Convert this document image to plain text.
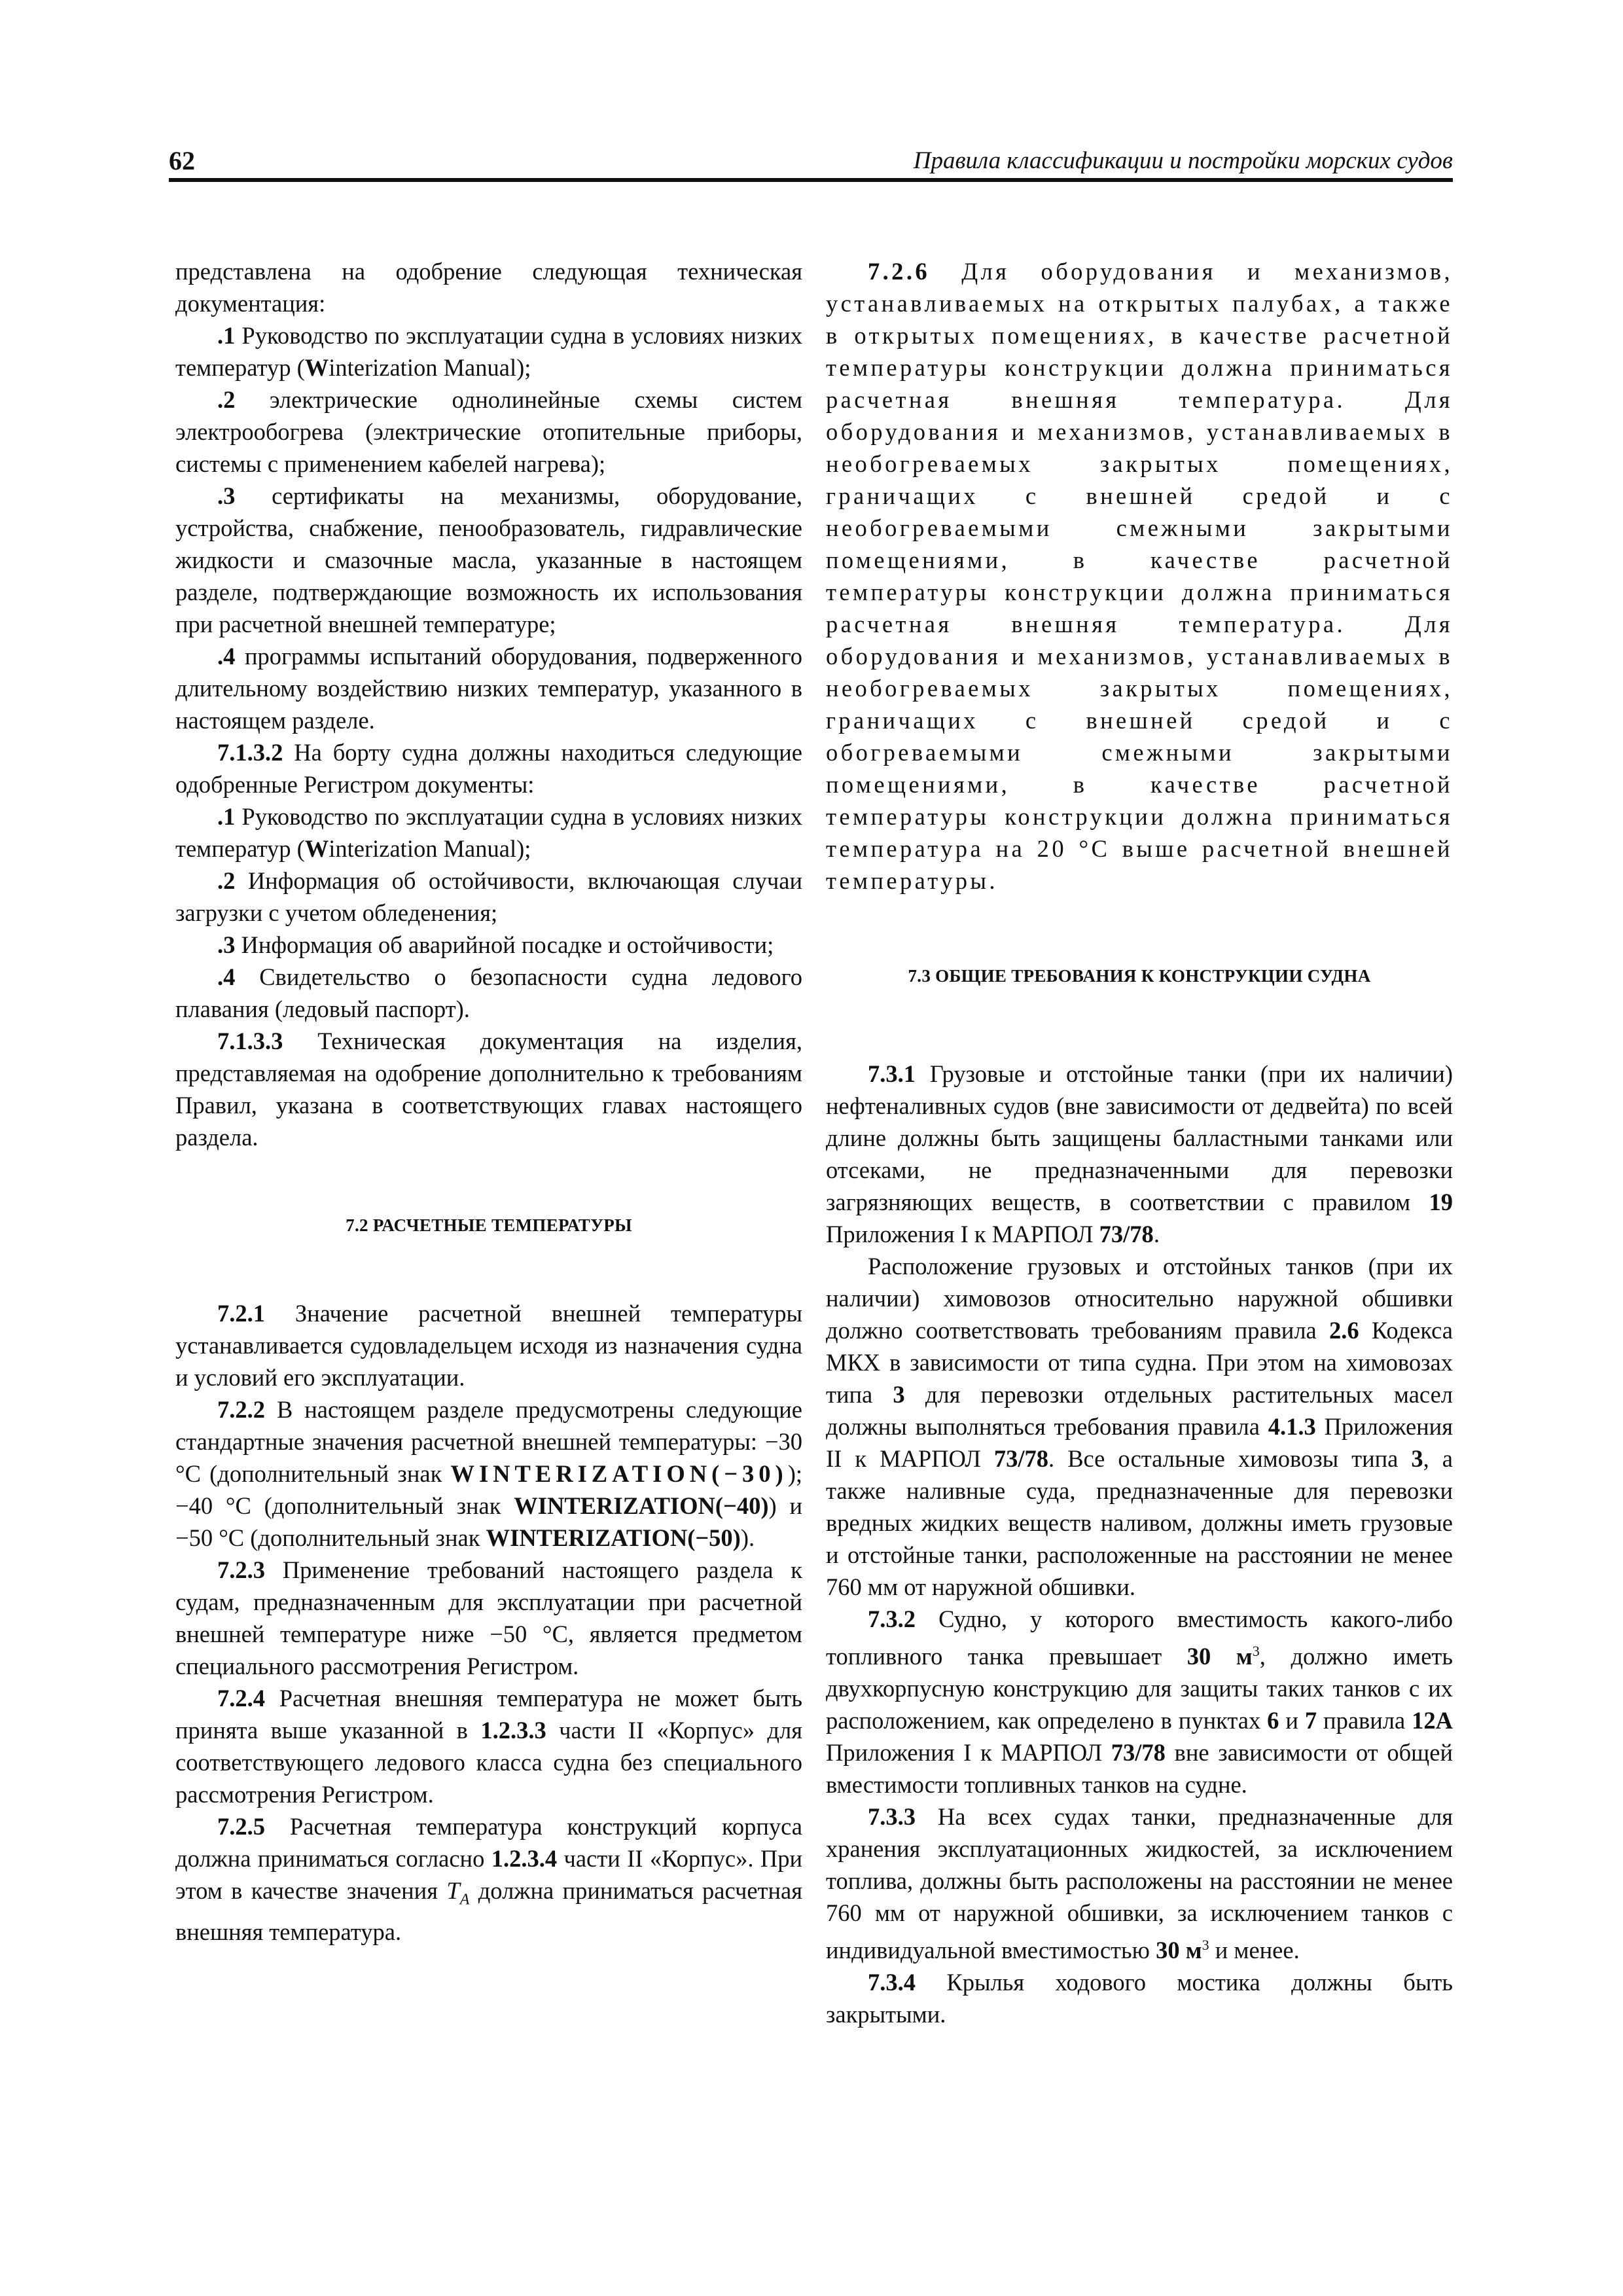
62	Правила классификации и постройки морских судов

представлена на одобрение следующая техническая документация:

.1 Руководство по эксплуатации судна в условиях низких температур (Winterization Manual);

.2 электрические однолинейные схемы систем электрообогрева (электрические отопительные приборы, системы с применением кабелей нагрева);

.3 сертификаты на механизмы, оборудование, устройства, снабжение, пенообразователь, гидравлические жидкости и смазочные масла, указанные в настоящем разделе, подтверждающие возможность их использования при расчетной внешней температуре;

.4 программы испытаний оборудования, подверженного длительному воздействию низких температур, указанного в настоящем разделе.

7.1.3.2 На борту судна должны находиться следующие одобренные Регистром документы:

.1 Руководство по эксплуатации судна в условиях низких температур (Winterization Manual);

.2 Информация об остойчивости, включающая случаи загрузки с учетом обледенения;

.3 Информация об аварийной посадке и остойчивости;

.4 Свидетельство о безопасности судна ледового плавания (ледовый паспорт).

7.1.3.3 Техническая документация на изделия, представляемая на одобрение дополнительно к требованиям Правил, указана в соответствующих главах настоящего раздела.

7.2 РАСЧЕТНЫЕ ТЕМПЕРАТУРЫ

7.2.1 Значение расчетной внешней температуры устанавливается судовладельцем исходя из назначения судна и условий его эксплуатации.

7.2.2 В настоящем разделе предусмотрены следующие стандартные значения расчетной внешней температуры: −30 °С (дополнительный знак WINTERIZATION(−30)); −40 °С (дополнительный знак WINTERIZATION(−40)) и −50 °С (дополнительный знак WINTERIZATION(−50)).

7.2.3 Применение требований настоящего раздела к судам, предназначенным для эксплуатации при расчетной внешней температуре ниже −50 °С, является предметом специального рассмотрения Регистром.

7.2.4 Расчетная внешняя температура не может быть принята выше указанной в 1.2.3.3 части II «Корпус» для соответствующего ледового класса судна без специального рассмотрения Регистром.

7.2.5 Расчетная температура конструкций корпуса должна приниматься согласно 1.2.3.4 части II «Корпус». При этом в качестве значения $T_A$ должна приниматься расчетная внешняя температура.

7.2.6 Для оборудования и механизмов, устанавливаемых на открытых палубах, а также в открытых помещениях, в качестве расчетной температуры конструкции должна приниматься расчетная внешняя температура. Для оборудования и механизмов, устанавливаемых в необогреваемых закрытых помещениях, граничащих с внешней средой и с необогреваемыми смежными закрытыми помещениями, в качестве расчетной температуры конструкции должна приниматься расчетная внешняя температура. Для оборудования и механизмов, устанавливаемых в необогреваемых закрытых помещениях, граничащих с внешней средой и с обогреваемыми смежными закрытыми помещениями, в качестве расчетной температуры конструкции должна приниматься температура на 20 °С выше расчетной внешней температуры.

7.3 ОБЩИЕ ТРЕБОВАНИЯ К КОНСТРУКЦИИ СУДНА

7.3.1 Грузовые и отстойные танки (при их наличии) нефтеналивных судов (вне зависимости от дедвейта) по всей длине должны быть защищены балластными танками или отсеками, не предназначенными для перевозки загрязняющих веществ, в соответствии с правилом 19 Приложения I к МАРПОЛ 73/78.

Расположение грузовых и отстойных танков (при их наличии) химовозов относительно наружной обшивки должно соответствовать требованиям правила 2.6 Кодекса МКХ в зависимости от типа судна. При этом на химовозах типа 3 для перевозки отдельных растительных масел должны выполняться требования правила 4.1.3 Приложения II к МАРПОЛ 73/78. Все остальные химовозы типа 3, а также наливные суда, предназначенные для перевозки вредных жидких веществ наливом, должны иметь грузовые и отстойные танки, расположенные на расстоянии не менее 760 мм от наружной обшивки.

7.3.2 Судно, у которого вместимость какого-либо топливного танка превышает 30 $м^3$, должно иметь двухкорпусную конструкцию для защиты таких танков с их расположением, как определено в пунктах 6 и 7 правила 12А Приложения I к МАРПОЛ 73/78 вне зависимости от общей вместимости топливных танков на судне.

7.3.3 На всех судах танки, предназначенные для хранения эксплуатационных жидкостей, за исключением топлива, должны быть расположены на расстоянии не менее 760 мм от наружной обшивки, за исключением танков с индивидуальной вместимостью 30 $м^3$ и менее.

7.3.4 Крылья ходового мостика должны быть закрытыми.
